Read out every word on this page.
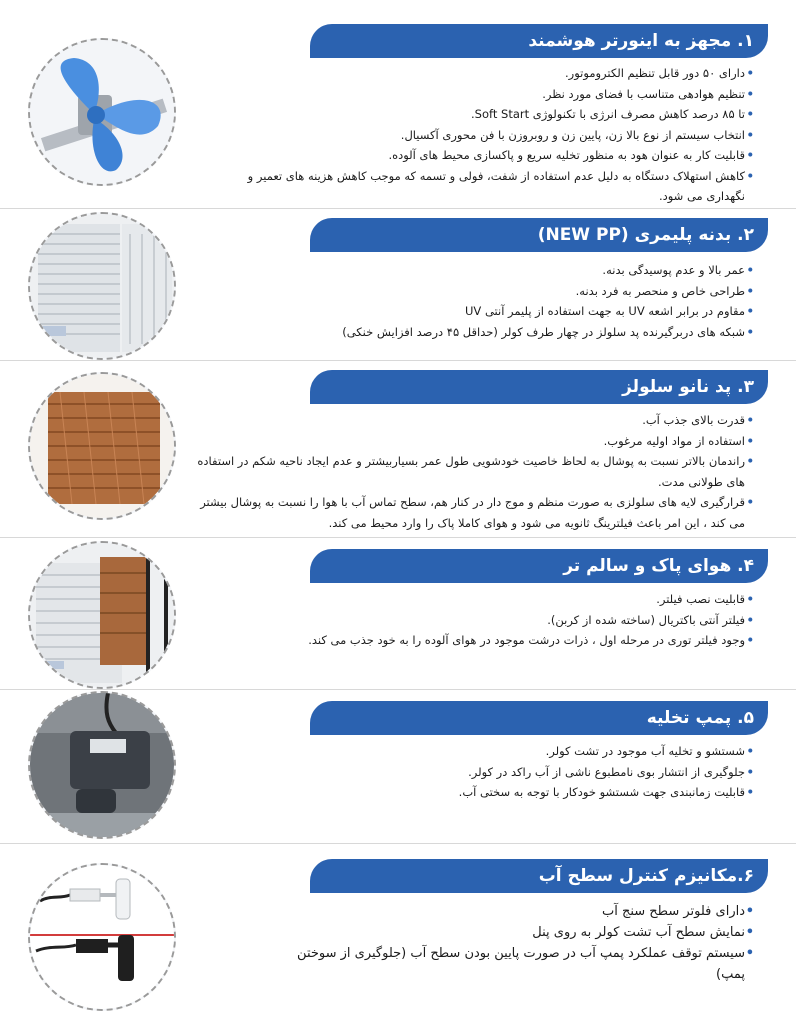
۱. مجهز به اینورتر هوشمند
• دارای ۵۰ دور قابل تنظیم الکتروموتور.
• تنظیم هوادهی متناسب با فضای مورد نظر.
• تا ۸۵ درصد کاهش مصرف انرژی با تکنولوژی Soft Start.
• انتخاب سیستم از نوع بالا زن، پایین زن و روبروزن با فن محوری آکسیال.
• قابلیت کار به عنوان هود به منظور تخلیه سریع و پاکسازی محیط های آلوده.
• کاهش استهلاک دستگاه به دلیل عدم استفاده از شفت، فولی و تسمه که موجب کاهش هزینه های تعمیر و نگهداری می شود.
۲. بدنه پلیمری (NEW PP)
• عمر بالا و عدم پوسیدگی بدنه.
• طراحی خاص و منحصر به فرد بدنه.
• مقاوم در برابر اشعه UV به جهت استفاده از پلیمر آنتی UV
• شبکه های دربرگیرنده پد سلولز در چهار طرف کولر (حداقل ۴۵ درصد افزایش خنکی)
۳. پد نانو سلولز
• قدرت بالای جذب آب.
• استفاده از مواد اولیه مرغوب.
• راندمان بالاتر نسبت به پوشال به لحاظ خاصیت خودشویی طول عمر بسیاربیشتر و عدم ایجاد ناحیه شکم در استفاده های طولانی مدت.
• قرارگیری لایه های سلولزی به صورت منظم و موج دار در کنار هم، سطح تماس آب با هوا را نسبت به پوشال بیشتر می کند ، این امر باعث فیلترینگ ثانویه می شود و هوای کاملا پاک را وارد محیط می کند.
۴. هوای پاک و سالم تر
• قابلیت نصب فیلتر.
• فیلتر آنتی باکتریال (ساخته شده از کربن).
• وجود فیلتر توری در مرحله اول ، ذرات درشت موجود در هوای آلوده را به خود جذب می کند.
۵. پمپ تخلیه
• شستشو و تخلیه آب موجود در تشت کولر.
• جلوگیری از انتشار بوی نامطبوع ناشی از آب راکد در کولر.
• قابلیت زمانبندی جهت شستشو خودکار با توجه به سختی آب.
۶.مکانیزم کنترل سطح آب
• دارای فلوتر سطح سنج آب
• نمایش سطح آب تشت کولر به روی پنل
• سیستم توقف عملکرد پمپ آب در صورت پایین بودن سطح آب (جلوگیری از سوختن پمپ)
